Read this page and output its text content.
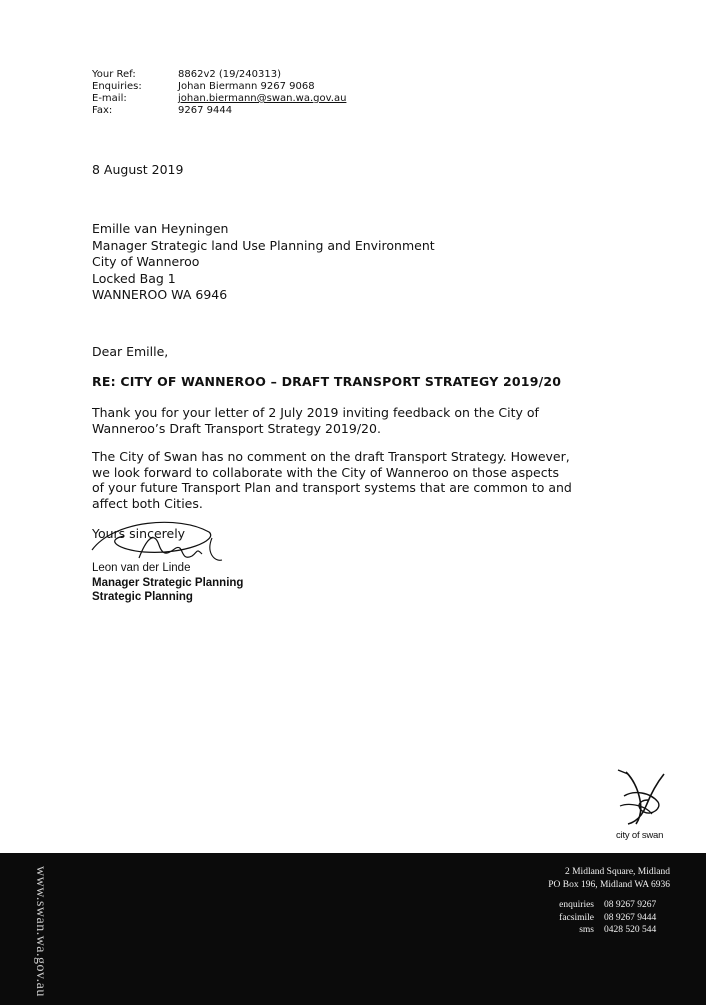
Your Ref:	8862v2 (19/240313)
Enquiries:	Johan Biermann 9267 9068
E-mail:	johan.biermann@swan.wa.gov.au
Fax:	9267 9444
8 August 2019
Emille van Heyningen
Manager Strategic land Use Planning and Environment
City of Wanneroo
Locked Bag 1
WANNEROO WA 6946
Dear Emille,
RE: CITY OF WANNEROO – DRAFT TRANSPORT STRATEGY 2019/20

Thank you for your letter of 2 July 2019 inviting feedback on the City of Wanneroo’s Draft Transport Strategy 2019/20.

The City of Swan has no comment on the draft Transport Strategy. However, we look forward to collaborate with the City of Wanneroo on those aspects of your future Transport Plan and transport systems that are common to and affect both Cities.

Yours sincerely
Leon van der Linde
Manager Strategic Planning
Strategic Planning
city of swan
www.swan.wa.gov.au	2 Midland Square, Midland
PO Box 196, Midland WA 6936
enquiries 08 9267 9267
facsimile 08 9267 9444
sms 0428 520 544
